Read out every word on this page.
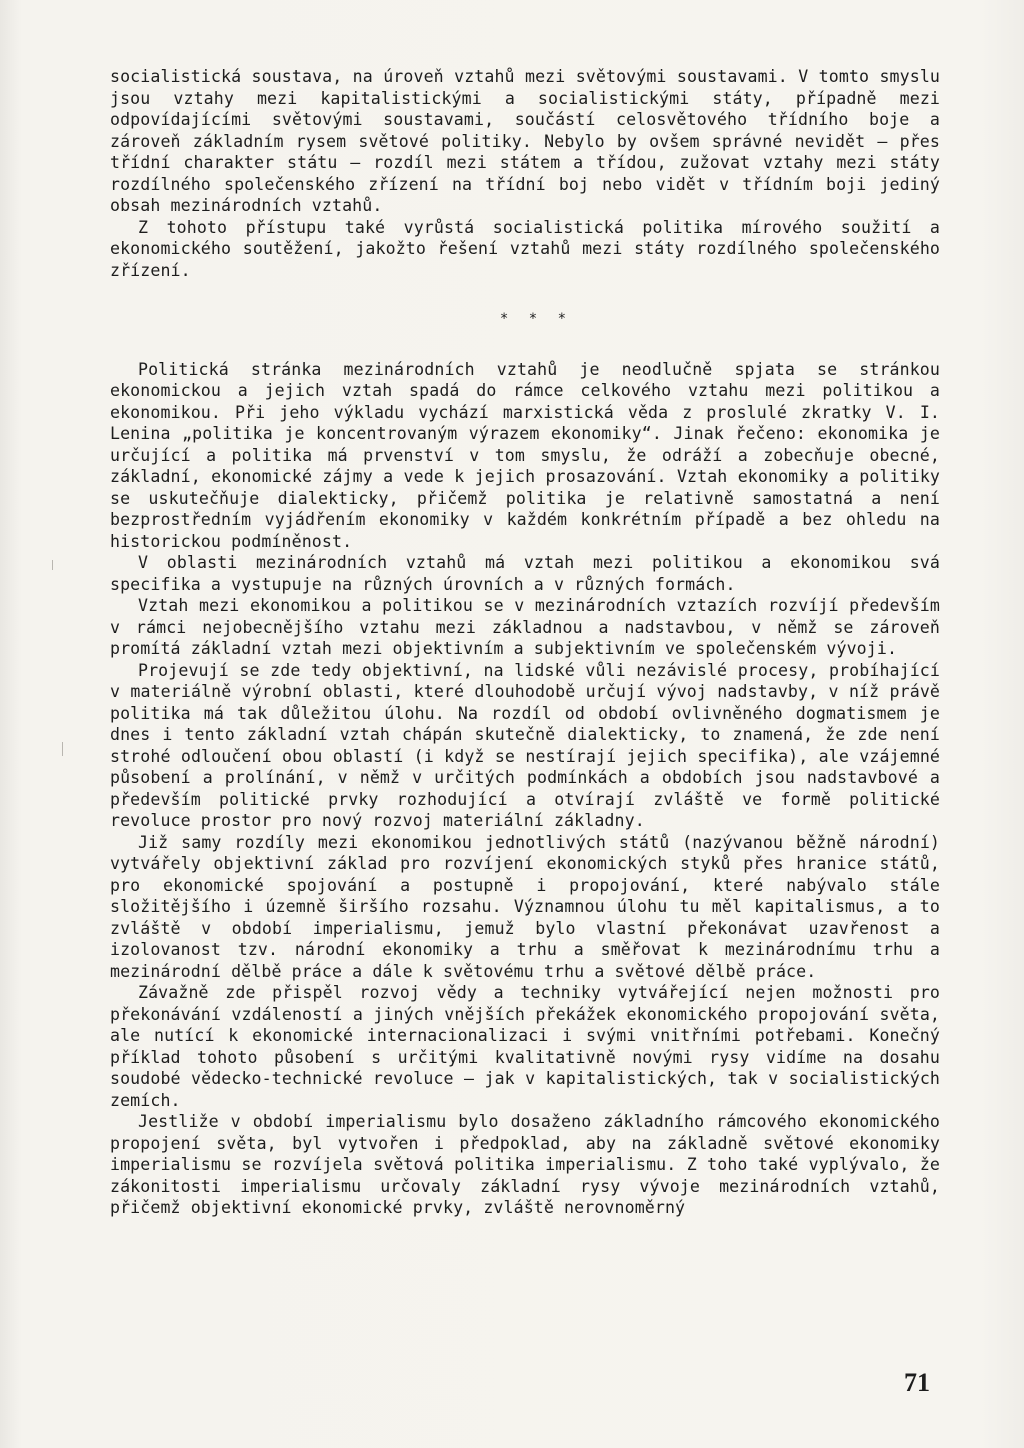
socialistická soustava, na úroveň vztahů mezi světovými soustavami. V tomto smyslu jsou vztahy mezi kapitalistickými a socialistickými státy, případně mezi odpovídajícími světovými soustavami, součástí celosvětového třídního boje a zároveň základním rysem světové politiky. Nebylo by ovšem správné nevidět — přes třídní charakter státu — rozdíl mezi státem a třídou, zužovat vztahy mezi státy rozdílného společenského zřízení na třídní boj nebo vidět v třídním boji jediný obsah mezinárodních vztahů.

Z tohoto přístupu také vyrůstá socialistická politika mírového soužití a ekonomického soutěžení, jakožto řešení vztahů mezi státy rozdílného společenského zřízení.

* * *

Politická stránka mezinárodních vztahů je neodlučně spjata se stránkou ekonomickou a jejich vztah spadá do rámce celkového vztahu mezi politikou a ekonomikou. Při jeho výkladu vychází marxistická věda z proslulé zkratky V. I. Lenina „politika je koncentrovaným výrazem ekonomiky“. Jinak řečeno: ekonomika je určující a politika má prvenství v tom smyslu, že odráží a zobecňuje obecné, základní, ekonomické zájmy a vede k jejich prosazování. Vztah ekonomiky a politiky se uskutečňuje dialekticky, přičemž politika je relativně samostatná a není bezprostředním vyjádřením ekonomiky v každém konkrétním případě a bez ohledu na historickou podmíněnost.

V oblasti mezinárodních vztahů má vztah mezi politikou a ekonomikou svá specifika a vystupuje na různých úrovních a v různých formách.

Vztah mezi ekonomikou a politikou se v mezinárodních vztazích rozvíjí především v rámci nejobecnějšího vztahu mezi základnou a nadstavbou, v němž se zároveň promítá základní vztah mezi objektivním a subjektivním ve společenském vývoji.

Projevují se zde tedy objektivní, na lidské vůli nezávislé procesy, probíhající v materiálně výrobní oblasti, které dlouhodobě určují vývoj nadstavby, v níž právě politika má tak důležitou úlohu. Na rozdíl od období ovlivněného dogmatismem je dnes i tento základní vztah chápán skutečně dialekticky, to znamená, že zde není strohé odloučení obou oblastí (i když se nestírají jejich specifika), ale vzájemné působení a prolínání, v němž v určitých podmínkách a obdobích jsou nadstavbové a především politické prvky rozhodující a otvírají zvláště ve formě politické revoluce prostor pro nový rozvoj materiální základny.

Již samy rozdíly mezi ekonomikou jednotlivých států (nazývanou běžně národní) vytvářely objektivní základ pro rozvíjení ekonomických styků přes hranice států, pro ekonomické spojování a postupně i propojování, které nabývalo stále složitějšího i územně širšího rozsahu. Významnou úlohu tu měl kapitalismus, a to zvláště v období imperialismu, jemuž bylo vlastní překonávat uzavřenost a izolovanost tzv. národní ekonomiky a trhu a směřovat k mezinárodnímu trhu a mezinárodní dělbě práce a dále k světovému trhu a světové dělbě práce.

Závažně zde přispěl rozvoj vědy a techniky vytvářející nejen možnosti pro překonávání vzdáleností a jiných vnějších překážek ekonomického propojování světa, ale nutící k ekonomické internacionalizaci i svými vnitřními potřebami. Konečný příklad tohoto působení s určitými kvalitativně novými rysy vidíme na dosahu soudobé vědecko-technické revoluce — jak v kapitalistických, tak v socialistických zemích.

Jestliže v období imperialismu bylo dosaženo základního rámcového ekonomického propojení světa, byl vytvořen i předpoklad, aby na základně světové ekonomiky imperialismu se rozvíjela světová politika imperialismu. Z toho také vyplývalo, že zákonitosti imperialismu určovaly základní rysy vývoje mezinárodních vztahů, přičemž objektivní ekonomické prvky, zvláště nerovnoměrný

71
